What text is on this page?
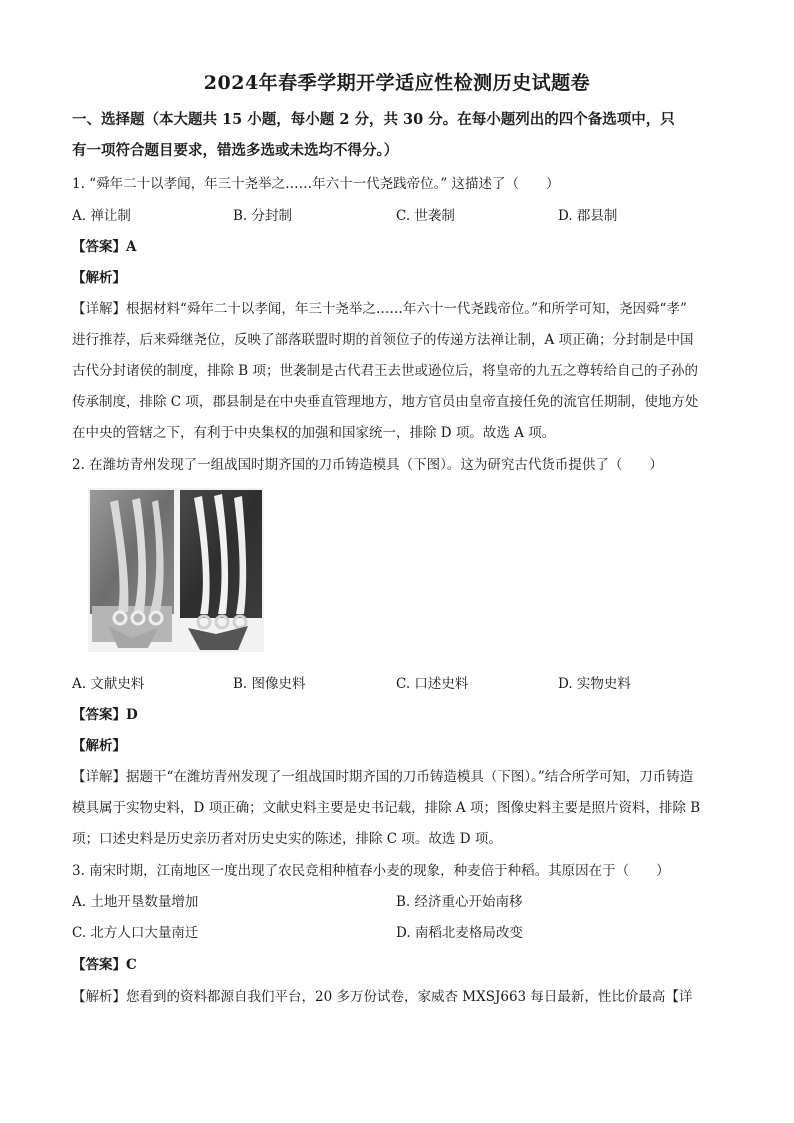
2024年春季学期开学适应性检测历史试题卷
一、选择题（本大题共 15 小题，每小题 2 分，共 30 分。在每小题列出的四个备选项中，只
有一项符合题目要求，错选多选或未选均不得分。）
1. “舜年二十以孝闻，年三十尧举之……年六十一代尧践帝位。” 这描述了（　　）
A. 禅让制	B. 分封制	C. 世袭制	D. 郡县制
【答案】A
【解析】
【详解】根据材料“舜年二十以孝闻，年三十尧举之……年六十一代尧践帝位。”和所学可知，尧因舜“孝”
进行推荐，后来舜继尧位，反映了部落联盟时期的首领位子的传递方法禅让制，A 项正确；分封制是中国
古代分封诸侯的制度，排除 B 项；世袭制是古代君王去世或逊位后，将皇帝的九五之尊转给自己的子孙的
传承制度，排除 C 项，郡县制是在中央垂直管理地方，地方官员由皇帝直接任免的流官任期制，使地方处
在中央的管辖之下，有利于中央集权的加强和国家统一，排除 D 项。故选 A 项。
2. 在潍坊青州发现了一组战国时期齐国的刀币铸造模具（下图）。这为研究古代货币提供了（　　）
A. 文献史料	B. 图像史料	C. 口述史料	D. 实物史料
【答案】D
【解析】
【详解】据题干“在潍坊青州发现了一组战国时期齐国的刀币铸造模具（下图）。”结合所学可知，刀币铸造
模具属于实物史料，D 项正确；文献史料主要是史书记载，排除 A 项；图像史料主要是照片资料，排除 B
项；口述史料是历史亲历者对历史史实的陈述，排除 C 项。故选 D 项。
3. 南宋时期，江南地区一度出现了农民竞相种植春小麦的现象，种麦倍于种稻。其原因在于（　　）
A. 土地开垦数量增加	B. 经济重心开始南移
C. 北方人口大量南迁	D. 南稻北麦格局改变
【答案】C
【解析】您看到的资料都源自我们平台，20 多万份试卷，家威杏 MXSJ663 每日最新，性比价最高【详
